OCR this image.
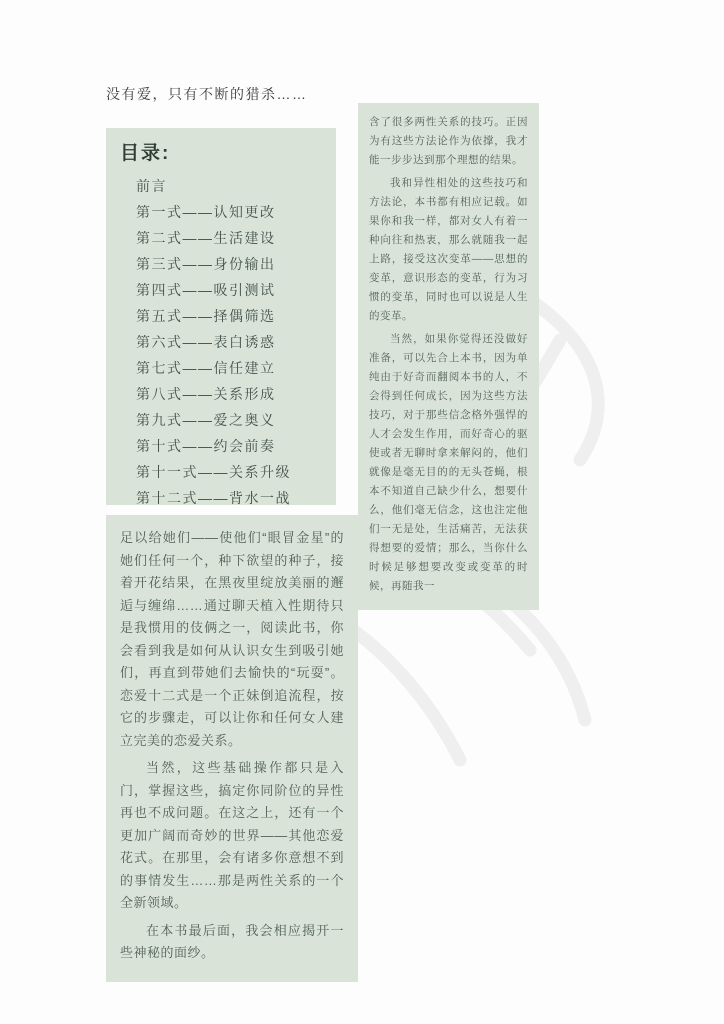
没有爱，只有不断的猎杀……
目录:
前言
第一式——认知更改
第二式——生活建设
第三式——身份输出
第四式——吸引测试
第五式——择偶筛选
第六式——表白诱惑
第七式——信任建立
第八式——关系形成
第九式——爱之奥义
第十式——约会前奏
第十一式——关系升级
第十二式——背水一战

含了很多两性关系的技巧。正因为有这些方法论作为依撑，我才能一步步达到那个理想的结果。

我和异性相处的这些技巧和方法论，本书都有相应记载。如果你和我一样，都对女人有着一种向往和热衷，那么就随我一起上路，接受这次变革——思想的变革，意识形态的变革，行为习惯的变革，同时也可以说是人生的变革。

当然，如果你觉得还没做好准备，可以先合上本书，因为单纯由于好奇而翻阅本书的人，不会得到任何成长，因为这些方法技巧，对于那些信念格外强悍的人才会发生作用，而好奇心的驱使或者无聊时拿来解闷的，他们就像是毫无目的的无头苍蝇，根本不知道自己缺少什么，想要什么，他们毫无信念，这也注定他们一无是处，生活痛苦，无法获得想要的爱情；那么，当你什么时候足够想要改变或变革的时候，再随我一

足以给她们——使他们“眼冒金星”的她们任何一个，种下欲望的种子，接着开花结果，在黑夜里绽放美丽的邂逅与缠绵……通过聊天植入性期待只是我惯用的伎俩之一，阅读此书，你会看到我是如何从认识女生到吸引她们，再直到带她们去愉快的“玩耍”。恋爱十二式是一个正妹倒追流程，按它的步骤走，可以让你和任何女人建立完美的恋爱关系。

当然，这些基础操作都只是入门，掌握这些，搞定你同阶位的异性再也不成问题。在这之上，还有一个更加广阔而奇妙的世界——其他恋爱花式。在那里，会有诸多你意想不到的事情发生……那是两性关系的一个全新领域。

在本书最后面，我会相应揭开一些神秘的面纱。
